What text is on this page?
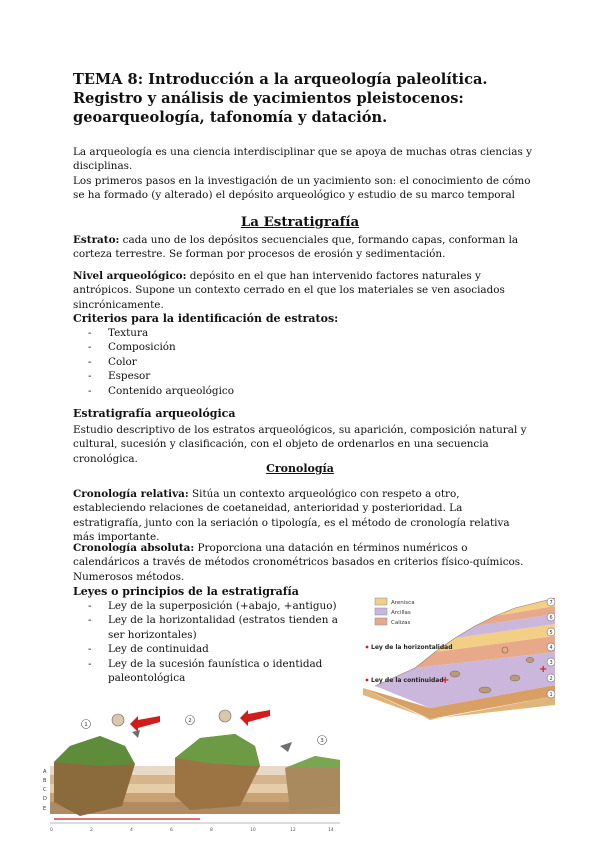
TEMA 8: Introducción a la arqueología paleolítica. Registro y análisis de yacimientos pleistocenos: geoarqueología, tafonomía y datación.

La arqueología es una ciencia interdisciplinar que se apoya de muchas otras ciencias y disciplinas.

Los primeros pasos en la investigación de un yacimiento son: el conocimiento de cómo se ha formado (y alterado) el depósito arqueológico y estudio de su marco temporal

La Estratigrafía

Estrato: cada uno de los depósitos secuenciales que, formando capas, conforman la corteza terrestre. Se forman por procesos de erosión y sedimentación.

Nivel arqueológico: depósito en el que han intervenido factores naturales y antrópicos. Supone un contexto cerrado en el que los materiales se ven asociados sincrónicamente.

Criterios para la identificación de estratos:
- Textura
- Composición
- Color
- Espesor
- Contenido arqueológico
Estratigrafía arqueológica

Estudio descriptivo de los estratos arqueológicos, su aparición, composición natural y cultural, sucesión y clasificación, con el objeto de ordenarlos en una secuencia cronológica.

Cronología

Cronología relativa: Sitúa un contexto arqueológico con respeto a otro, estableciendo relaciones de coetaneidad, anterioridad y posterioridad. La estratigrafía, junto con la seriación o tipología, es el método de cronología relativa más importante.

Cronología absoluta: Proporciona una datación en términos numéricos o calendáricos a través de métodos cronométricos basados en criterios físico-químicos. Numerosos métodos.

Leyes o principios de la estratigrafía
- Ley de la superposición (+abajo, +antiguo)
- Ley de la horizontalidad (estratos tienden a ser horizontales)
- Ley de continuidad
- Ley de la sucesión faunística o identidad paleontológica
Arenisca
Arcillas
Calizas
+
+
Ley de la horizontalidad
Ley de la continuidad
7
6
5
4
3
2
1
1
2
3
A
B
C
D
E
0	2	4	6	8	10	12	14
